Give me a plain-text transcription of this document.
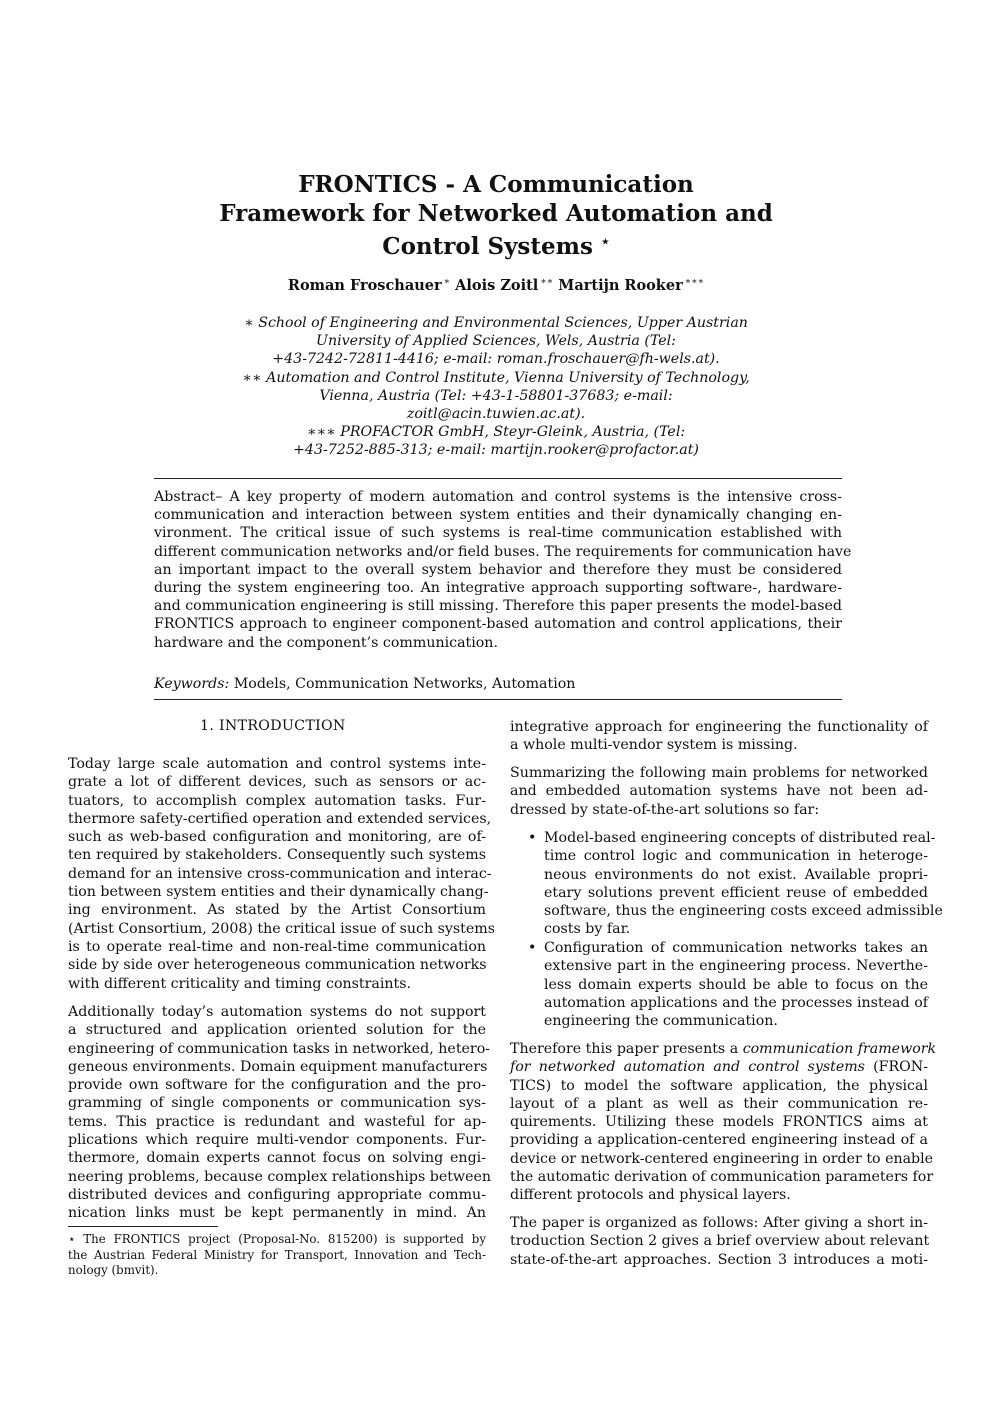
FRONTICS - A Communication
Framework for Networked Automation and
Control Systems ⋆
Roman Froschauer ∗ Alois Zoitl ∗∗ Martijn Rooker ∗∗∗
∗ School of Engineering and Environmental Sciences, Upper Austrian
University of Applied Sciences, Wels, Austria (Tel:
+43-7242-72811-4416; e-mail: roman.froschauer@fh-wels.at).
∗∗ Automation and Control Institute, Vienna University of Technology,
Vienna, Austria (Tel: +43-1-58801-37683; e-mail:
zoitl@acin.tuwien.ac.at).
∗∗∗ PROFACTOR GmbH, Steyr-Gleink, Austria, (Tel:
+43-7252-885-313; e-mail: martijn.rooker@profactor.at)
Abstract– A key property of modern automation and control systems is the intensive cross-
communication and interaction between system entities and their dynamically changing en-
vironment. The critical issue of such systems is real-time communication established with
different communication networks and/or field buses. The requirements for communication have
an important impact to the overall system behavior and therefore they must be considered
during the system engineering too. An integrative approach supporting software-, hardware-
and communication engineering is still missing. Therefore this paper presents the model-based
FRONTICS approach to engineer component-based automation and control applications, their
hardware and the component’s communication.
Keywords: Models, Communication Networks, Automation
1. INTRODUCTION
Today large scale automation and control systems inte-
grate a lot of different devices, such as sensors or ac-
tuators, to accomplish complex automation tasks. Fur-
thermore safety-certified operation and extended services,
such as web-based configuration and monitoring, are of-
ten required by stakeholders. Consequently such systems
demand for an intensive cross-communication and interac-
tion between system entities and their dynamically chang-
ing environment. As stated by the Artist Consortium
(Artist Consortium, 2008) the critical issue of such systems
is to operate real-time and non-real-time communication
side by side over heterogeneous communication networks
with different criticality and timing constraints.
Additionally today’s automation systems do not support
a structured and application oriented solution for the
engineering of communication tasks in networked, hetero-
geneous environments. Domain equipment manufacturers
provide own software for the configuration and the pro-
gramming of single components or communication sys-
tems. This practice is redundant and wasteful for ap-
plications which require multi-vendor components. Fur-
thermore, domain experts cannot focus on solving engi-
neering problems, because complex relationships between
distributed devices and configuring appropriate commu-
nication links must be kept permanently in mind. An
⋆ The FRONTICS project (Proposal-No. 815200) is supported by
the Austrian Federal Ministry for Transport, Innovation and Tech-
nology (bmvit).
integrative approach for engineering the functionality of
a whole multi-vendor system is missing.
Summarizing the following main problems for networked
and embedded automation systems have not been ad-
dressed by state-of-the-art solutions so far:
• Model-based engineering concepts of distributed real-
time control logic and communication in heteroge-
neous environments do not exist. Available propri-
etary solutions prevent efficient reuse of embedded
software, thus the engineering costs exceed admissible
costs by far.
• Configuration of communication networks takes an
extensive part in the engineering process. Neverthe-
less domain experts should be able to focus on the
automation applications and the processes instead of
engineering the communication.
Therefore this paper presents a communication framework
for networked automation and control systems (FRON-
TICS) to model the software application, the physical
layout of a plant as well as their communication re-
quirements. Utilizing these models FRONTICS aims at
providing a application-centered engineering instead of a
device or network-centered engineering in order to enable
the automatic derivation of communication parameters for
different protocols and physical layers.
The paper is organized as follows: After giving a short in-
troduction Section 2 gives a brief overview about relevant
state-of-the-art approaches. Section 3 introduces a moti-
